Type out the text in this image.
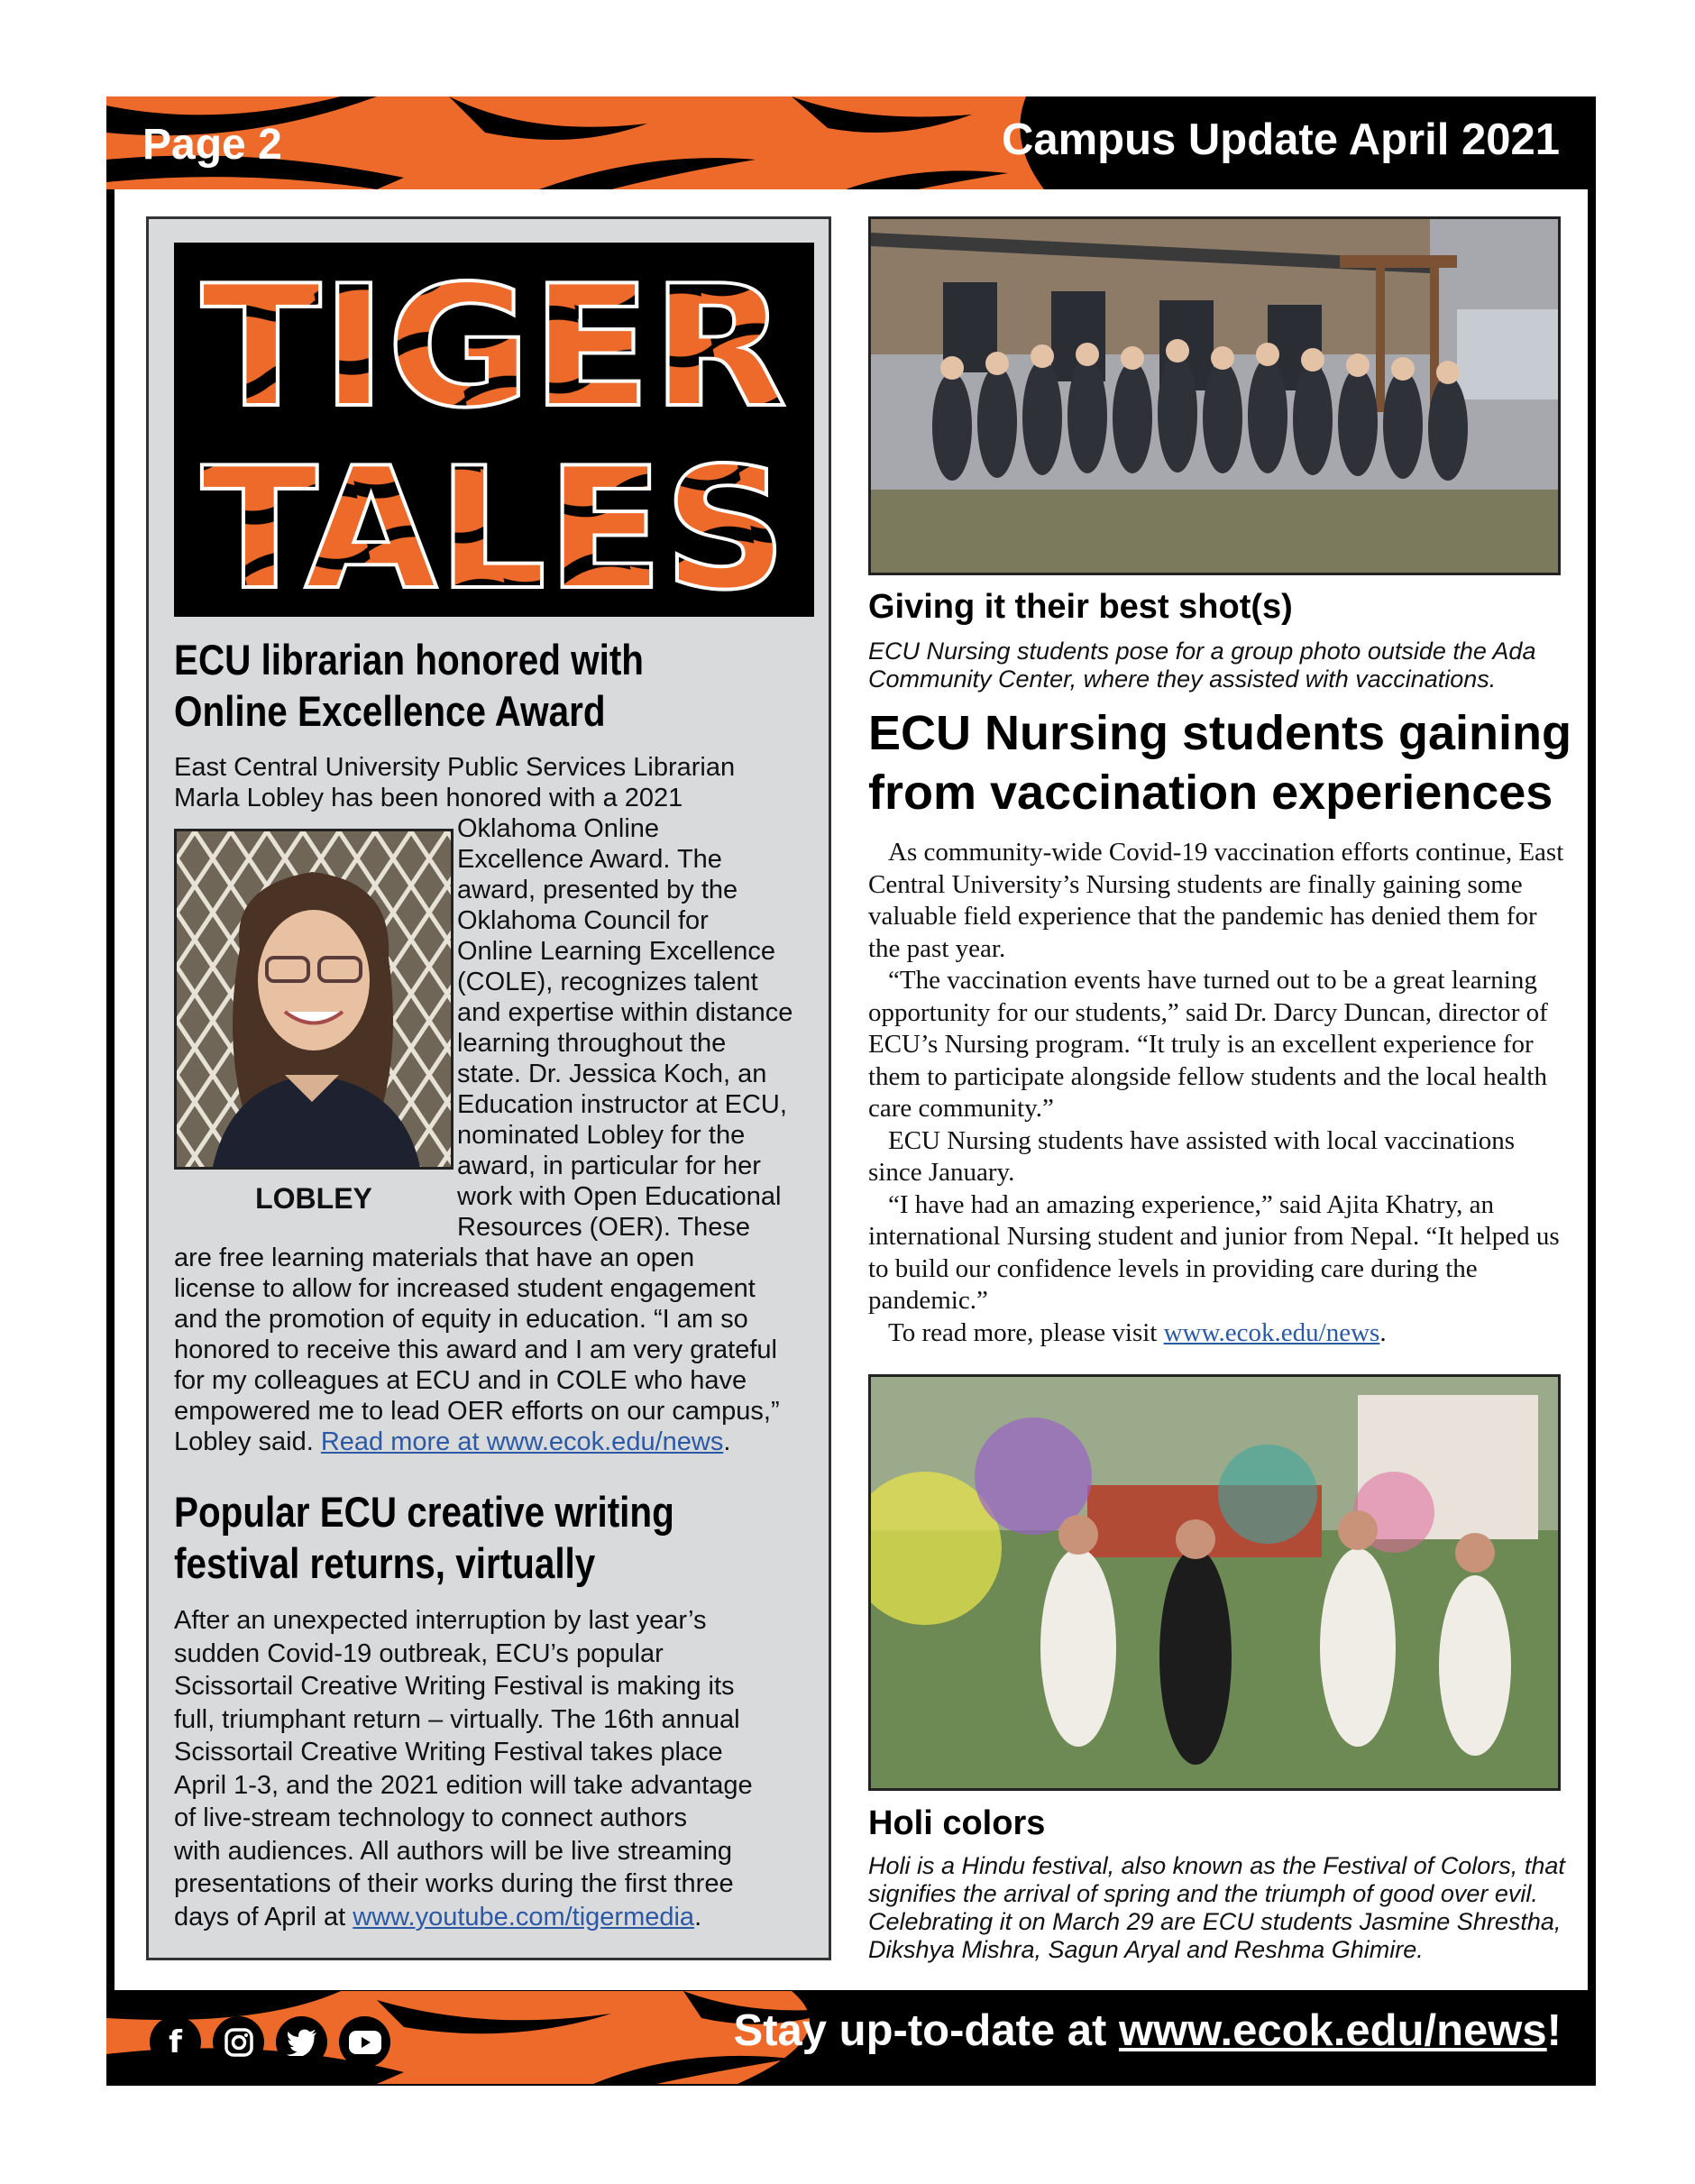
Page 2	Campus Update April 2021
TIGER
TALES
ECU librarian honored with
Online Excellence Award
East Central University Public Services Librarian
Marla Lobley has been honored with a 2021
LOBLEY
Oklahoma Online
Excellence Award. The
award, presented by the
Oklahoma Council for
Online Learning Excellence
(COLE), recognizes talent
and expertise within distance
learning throughout the
state. Dr. Jessica Koch, an
Education instructor at ECU,
nominated Lobley for the
award, in particular for her
work with Open Educational
Resources (OER). These
are free learning materials that have an open
license to allow for increased student engagement
and the promotion of equity in education. “I am so
honored to receive this award and I am very grateful
for my colleagues at ECU and in COLE who have
empowered me to lead OER efforts on our campus,”
Lobley said. Read more at www.ecok.edu/news.
Popular ECU creative writing
festival returns, virtually
After an unexpected interruption by last year’s
sudden Covid-19 outbreak, ECU’s popular
Scissortail Creative Writing Festival is making its
full, triumphant return – virtually. The 16th annual
Scissortail Creative Writing Festival takes place
April 1-3, and the 2021 edition will take advantage
of live-stream technology to connect authors
with audiences. All authors will be live streaming
presentations of their works during the first three
days of April at www.youtube.com/tigermedia.
Giving it their best shot(s)
ECU Nursing students pose for a group photo outside the Ada Community Center, where they assisted with vaccinations.
ECU Nursing students gaining
from vaccination experiences

As community-wide Covid-19 vaccination efforts continue, East Central University’s Nursing students are finally gaining some valuable field experience that the pandemic has denied them for the past year.

“The vaccination events have turned out to be a great learning opportunity for our students,” said Dr. Darcy Duncan, director of ECU’s Nursing program. “It truly is an excellent experience for them to participate alongside fellow students and the local health care community.”

ECU Nursing students have assisted with local vaccinations since January.

“I have had an amazing experience,” said Ajita Khatry, an international Nursing student and junior from Nepal. “It helped us to build our confidence levels in providing care during the pandemic.”

To read more, please visit www.ecok.edu/news.

Holi colors
Holi is a Hindu festival, also known as the Festival of Colors, that signifies the arrival of spring and the triumph of good over evil. Celebrating it on March 29 are ECU students Jasmine Shrestha, Dikshya Mishra, Sagun Aryal and Reshma Ghimire.
f	Stay up-to-date at www.ecok.edu/news!
